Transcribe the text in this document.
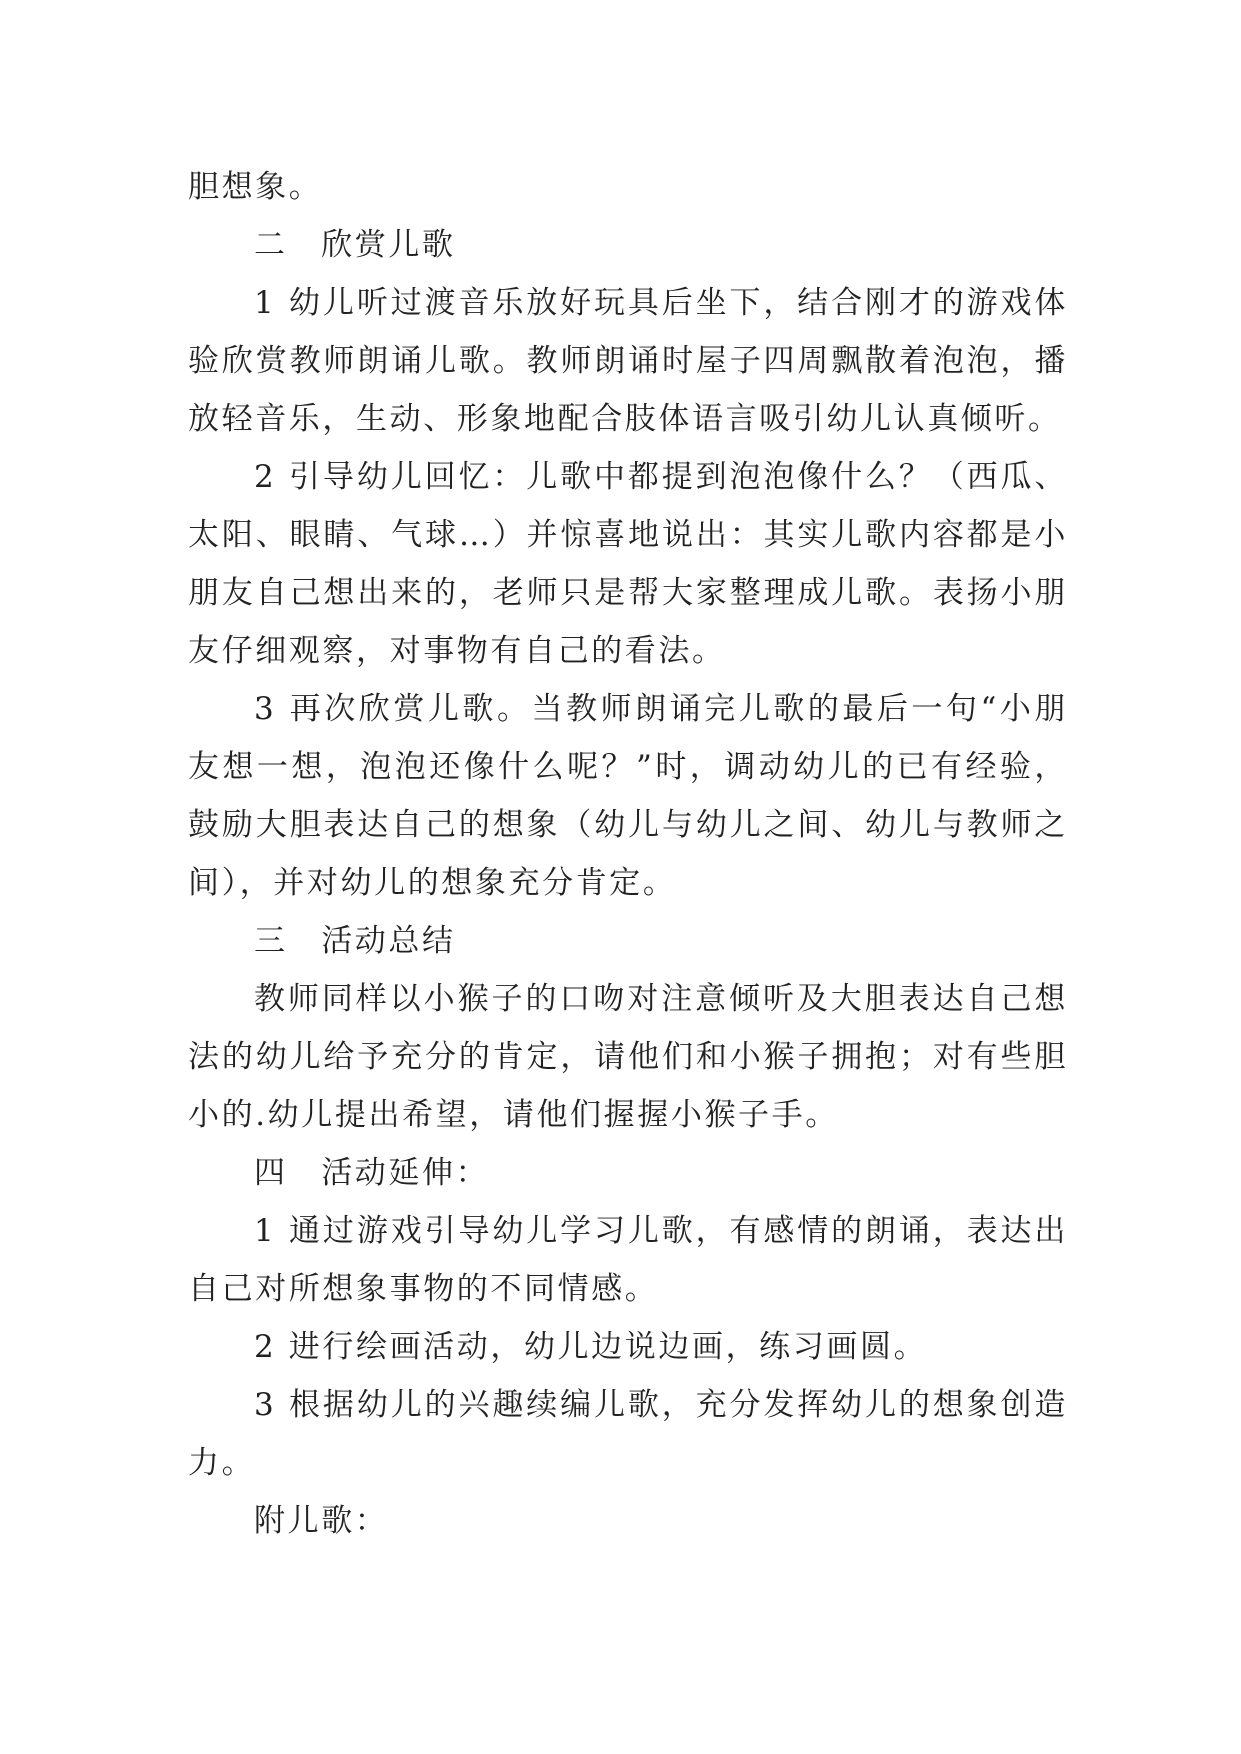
胆想象。

二　欣赏儿歌

1 幼儿听过渡音乐放好玩具后坐下，结合刚才的游戏体验欣赏教师朗诵儿歌。教师朗诵时屋子四周飘散着泡泡，播放轻音乐，生动、形象地配合肢体语言吸引幼儿认真倾听。

2 引导幼儿回忆：儿歌中都提到泡泡像什么？（西瓜、太阳、眼睛、气球…）并惊喜地说出：其实儿歌内容都是小朋友自己想出来的，老师只是帮大家整理成儿歌。表扬小朋友仔细观察，对事物有自己的看法。

3 再次欣赏儿歌。当教师朗诵完儿歌的最后一句“小朋友想一想，泡泡还像什么呢？”时，调动幼儿的已有经验，鼓励大胆表达自己的想象（幼儿与幼儿之间、幼儿与教师之间），并对幼儿的想象充分肯定。

三　活动总结

教师同样以小猴子的口吻对注意倾听及大胆表达自己想法的幼儿给予充分的肯定，请他们和小猴子拥抱；对有些胆小的.幼儿提出希望，请他们握握小猴子手。

四　活动延伸：

1 通过游戏引导幼儿学习儿歌，有感情的朗诵，表达出自己对所想象事物的不同情感。

2 进行绘画活动，幼儿边说边画，练习画圆。

3 根据幼儿的兴趣续编儿歌，充分发挥幼儿的想象创造力。

附儿歌：
